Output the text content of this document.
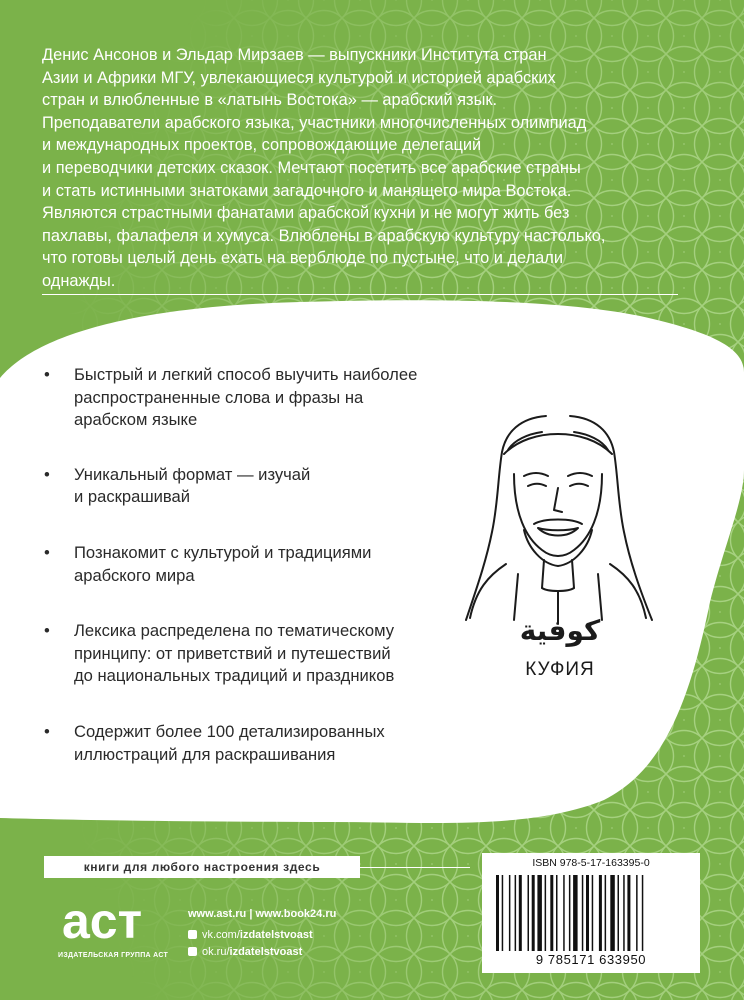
Денис Ансонов и Эльдар Мирзаев — выпускники Института стран
Азии и Африки МГУ, увлекающиеся культурой и историей арабских
стран и влюбленные в «латынь Востока» — арабский язык.
Преподаватели арабского языка, участники многочисленных олимпиад
и международных проектов, сопровождающие делегаций
и переводчики детских сказок. Мечтают посетить все арабские страны
и стать истинными знатоками загадочного и манящего мира Востока.
Являются страстными фанатами арабской кухни и не могут жить без
пахлавы, фалафеля и хумуса. Влюблены в арабскую культуру настолько,
что готовы целый день ехать на верблюде по пустыне, что и делали
однажды.
• Быстрый и легкий способ выучить наиболее
распространенные слова и фразы на
арабском языке
• Уникальный формат — изучай
и раскрашивай
• Познакомит с культурой и традициями
арабского мира
• Лексика распределена по тематическому
принципу: от приветствий и путешествий
до национальных традиций и праздников
• Содержит более 100 детализированных
иллюстраций для раскрашивания
كوفية
КУФИЯ
книги для любого настроения здесь
аст
ИЗДАТЕЛЬСКАЯ ГРУППА АСТ
www.ast.ru | www.book24.ru
vk.com/ izdatelstvoast
ok.ru/ izdatelstvoast
ISBN 978-5-17-163395-0
9 785171 633950
